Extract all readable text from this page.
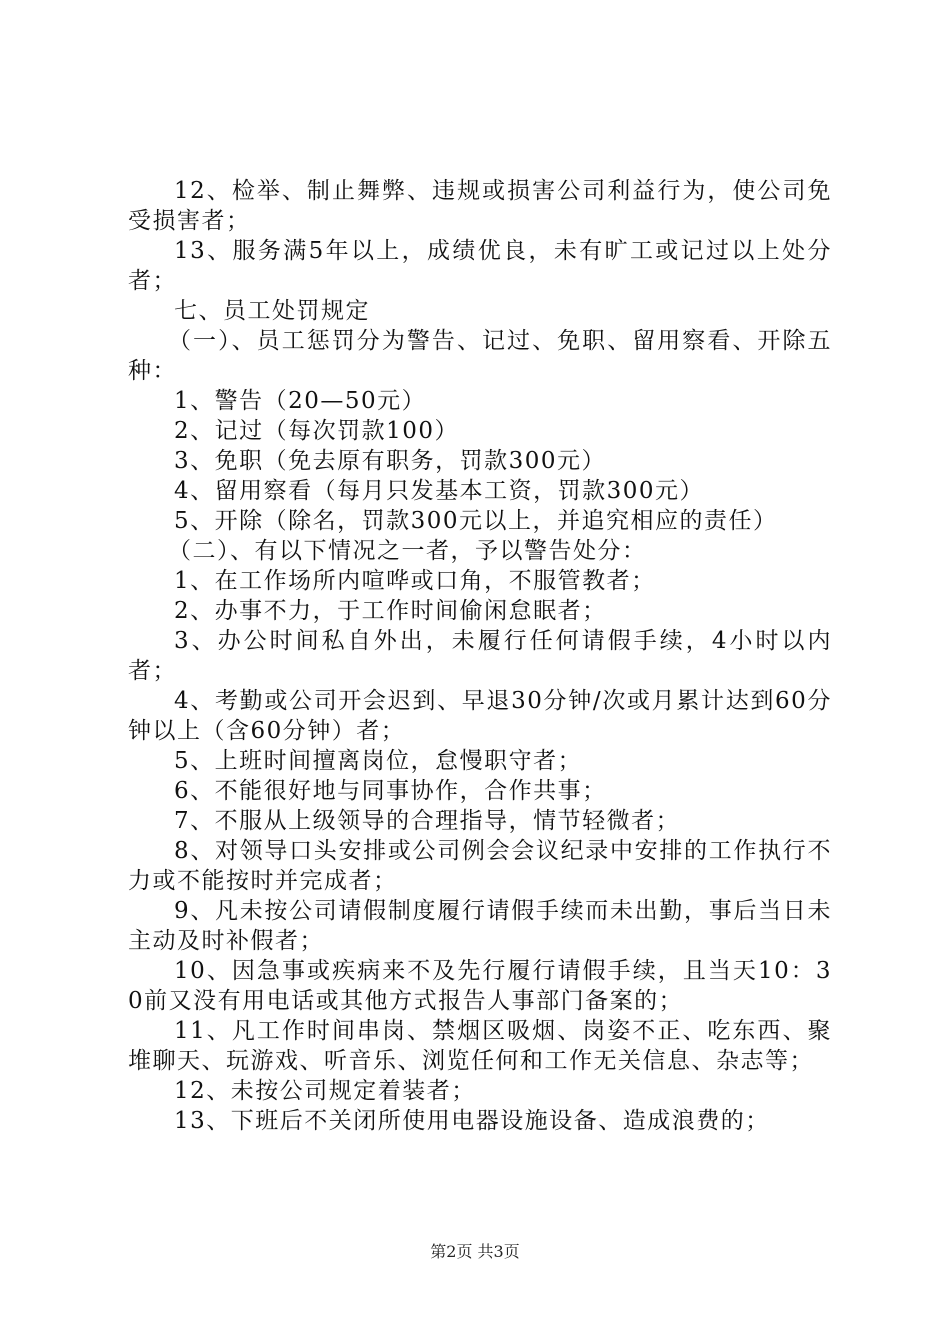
12、检举、制止舞弊、违规或损害公司利益行为，使公司免受损害者；

13、服务满5年以上，成绩优良，未有旷工或记过以上处分者；

七、员工处罚规定

（一）、员工惩罚分为警告、记过、免职、留用察看、开除五种：

1、警告（20—50元）

2、记过（每次罚款100）

3、免职（免去原有职务，罚款300元）

4、留用察看（每月只发基本工资，罚款300元）

5、开除（除名，罚款300元以上，并追究相应的责任）

（二）、有以下情况之一者，予以警告处分：

1、在工作场所内喧哗或口角，不服管教者；

2、办事不力，于工作时间偷闲怠眠者；

3、办公时间私自外出，未履行任何请假手续，4小时以内者；

4、考勤或公司开会迟到、早退30分钟/次或月累计达到60分钟以上（含60分钟）者；

5、上班时间擅离岗位，怠慢职守者；

6、不能很好地与同事协作，合作共事；

7、不服从上级领导的合理指导，情节轻微者；

8、对领导口头安排或公司例会会议纪录中安排的工作执行不力或不能按时并完成者；

9、凡未按公司请假制度履行请假手续而未出勤，事后当日未主动及时补假者；

10、因急事或疾病来不及先行履行请假手续，且当天10：30前又没有用电话或其他方式报告人事部门备案的；

11、凡工作时间串岗、禁烟区吸烟、岗姿不正、吃东西、聚堆聊天、玩游戏、听音乐、浏览任何和工作无关信息、杂志等；

12、未按公司规定着装者；

13、下班后不关闭所使用电器设施设备、造成浪费的；

第2页 共3页
